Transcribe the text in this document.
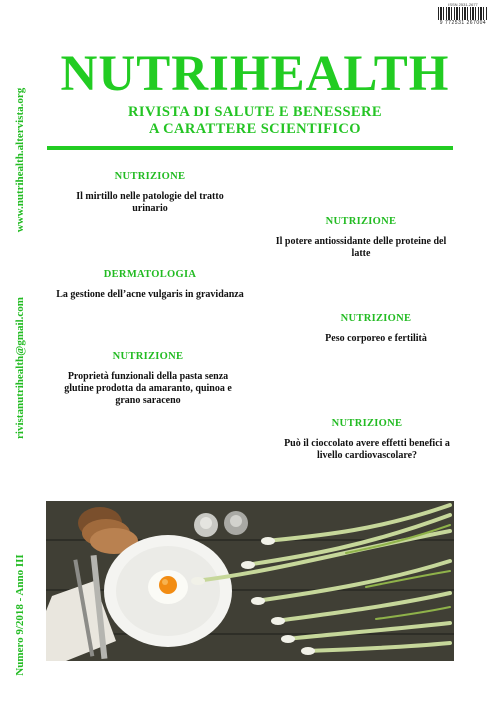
ISSN 2531-2677
9 772531 267004
NUTRIHEALTH
RIVISTA DI SALUTE E BENESSERE
A CARATTERE SCIENTIFICO
www.nutrihealth.altervista.org
rivistanutrihealth@gmail.com
Numero 9/2018 - Anno III
NUTRIZIONE
Il mirtillo nelle patologie del tratto
urinario
NUTRIZIONE
Il potere antiossidante delle proteine del
latte
DERMATOLOGIA
La gestione dell’acne vulgaris in gravidanza
NUTRIZIONE
Peso corporeo e fertilità
NUTRIZIONE
Proprietà funzionali della pasta senza
glutine prodotta da amaranto, quinoa e
grano saraceno
NUTRIZIONE
Può il cioccolato avere effetti benefici a
livello cardiovascolare?
